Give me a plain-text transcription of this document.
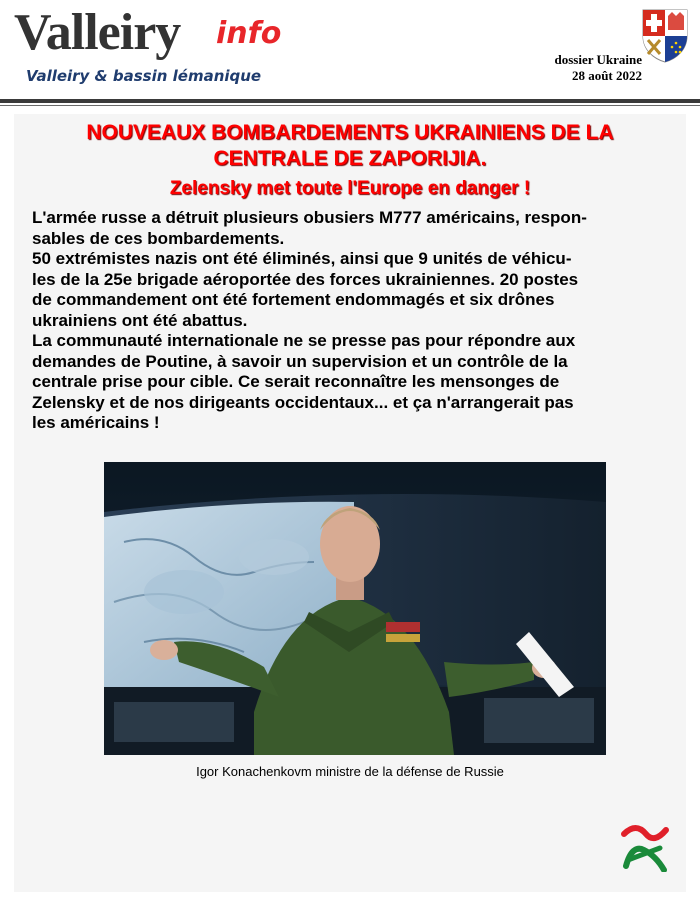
Valleiry info
Valleiry & bassin lémanique
dossier Ukraine
28 août 2022
NOUVEAUX BOMBARDEMENTS UKRAINIENS DE LA
CENTRALE DE ZAPORIJIA.
Zelensky met toute l'Europe en danger !

L'armée russe a détruit plusieurs obusiers M777 américains, respon-

sables de ces bombardements.

50 extrémistes nazis ont été éliminés, ainsi que 9 unités de véhicu-

les de la 25e brigade aéroportée des forces ukrainiennes. 20 postes

de commandement ont été fortement endommagés et six drônes

ukrainiens ont été abattus.

La communauté internationale ne se presse pas pour répondre aux

demandes de Poutine, à savoir un supervision et un contrôle de la

centrale prise pour cible. Ce serait reconnaître les mensonges de

Zelensky et de nos dirigeants occidentaux... et ça n'arrangerait pas

les américains !

Igor Konachenkovm ministre de la défense de Russie
